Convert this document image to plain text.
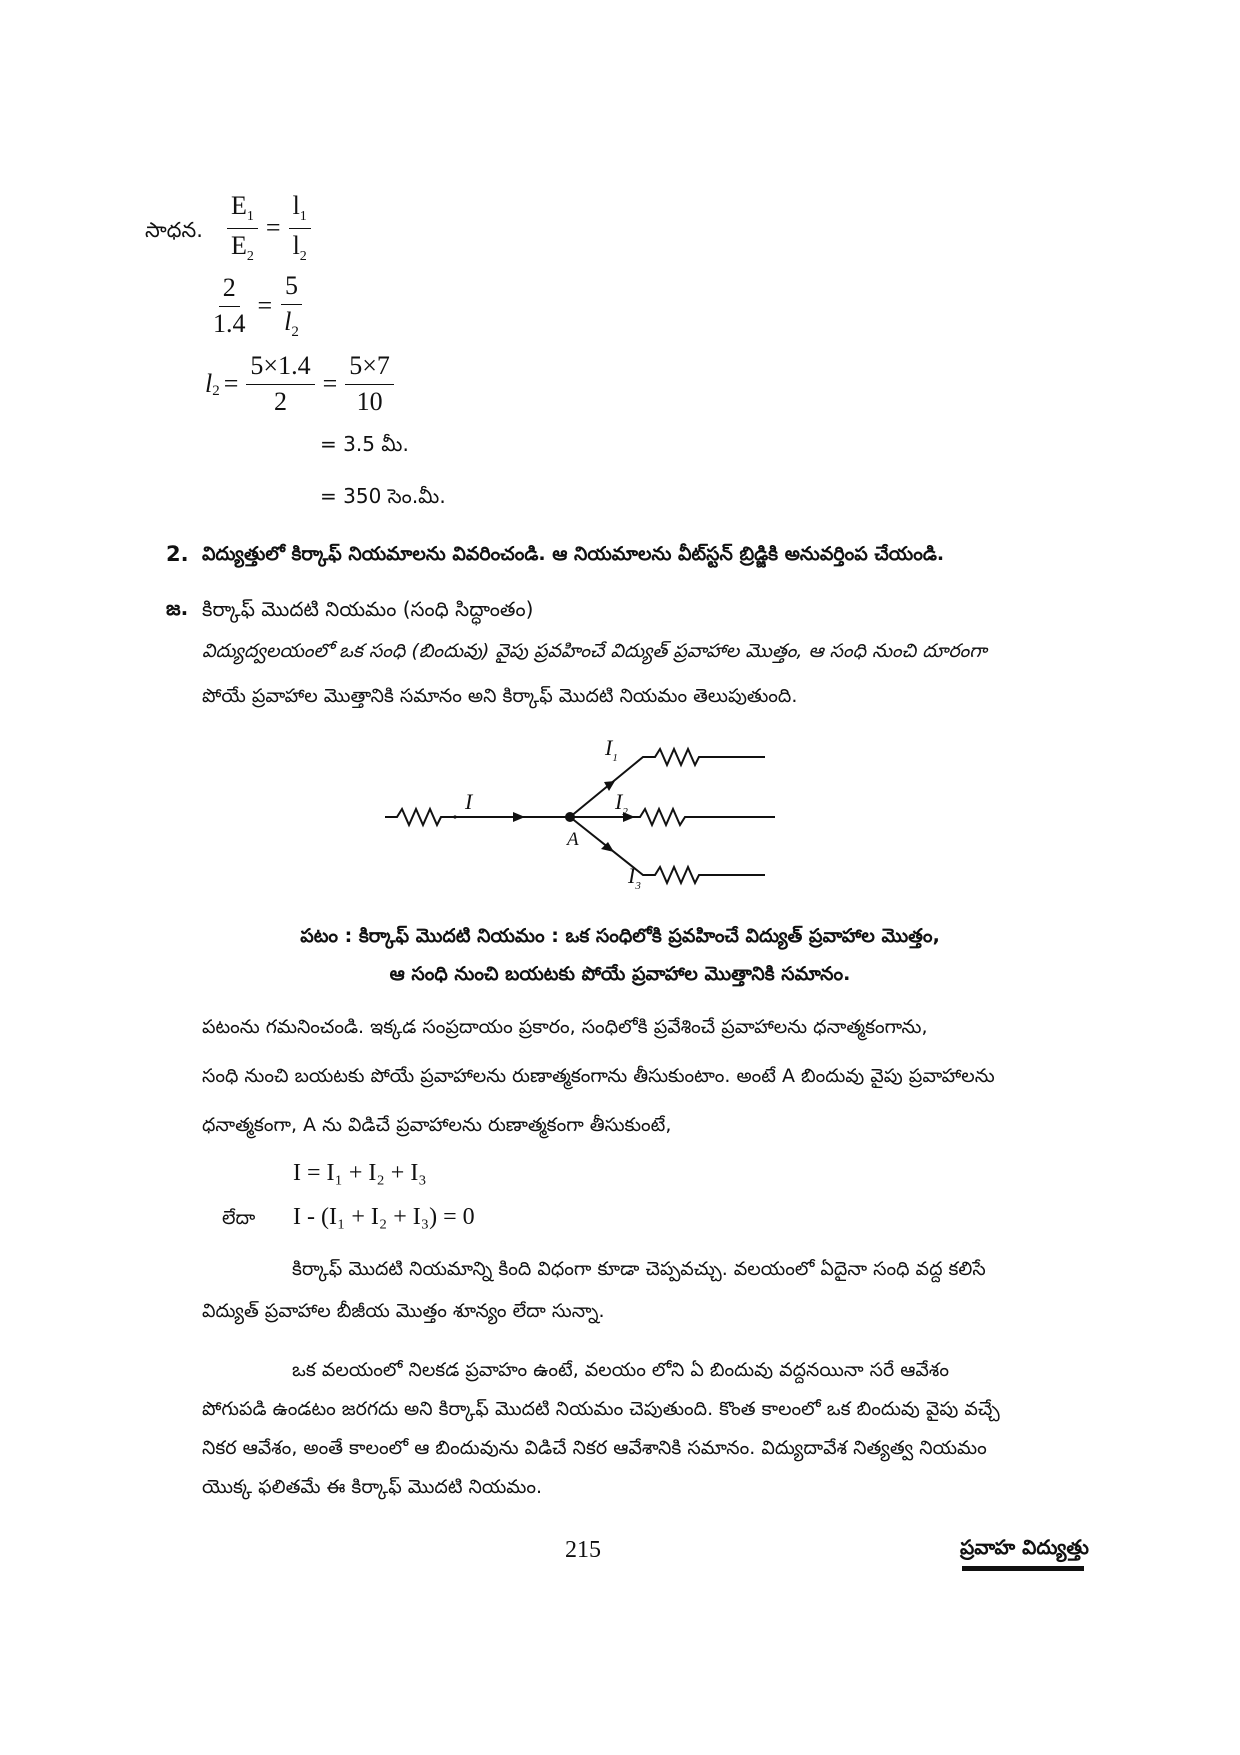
సాధన. $\frac{E_1}{E_2} = \frac{l_1}{l_2}$
$\frac{2}{1.4} = \frac{5}{l_2}$
$l_2 = \frac{5\times 1.4}{2} = \frac{5\times 7}{10}$
= 3.5 మీ.
= 350 సెం.మీ.
2. విద్యుత్తులో కిర్కాఫ్ నియమాలను వివరించండి. ఆ నియమాలను వీట్‌స్టన్ బ్రిడ్జికి అనువర్తింప చేయండి.
జ. కిర్కాఫ్ మొదటి నియమం (సంధి సిద్ధాంతం)
విద్యుద్వలయంలో ఒక సంధి (బిందువు) వైపు ప్రవహించే విద్యుత్ ప్రవాహాల మొత్తం, ఆ సంధి నుంచి దూరంగా
పోయే ప్రవాహాల మొత్తానికి సమానం అని కిర్కాఫ్ మొదటి నియమం తెలుపుతుంది.
I
$I_1$
$I_2$
$I_3$
A
పటం : కిర్కాఫ్ మొదటి నియమం : ఒక సంధిలోకి ప్రవహించే విద్యుత్ ప్రవాహాల మొత్తం,
ఆ సంధి నుంచి బయటకు పోయే ప్రవాహాల మొత్తానికి సమానం.
పటంను గమనించండి. ఇక్కడ సంప్రదాయం ప్రకారం, సంధిలోకి ప్రవేశించే ప్రవాహాలను ధనాత్మకంగాను,
సంధి నుంచి బయటకు పోయే ప్రవాహాలను రుణాత్మకంగాను తీసుకుంటాం. అంటే A బిందువు వైపు ప్రవాహాలను
ధనాత్మకంగా, A ను విడిచే ప్రవాహాలను రుణాత్మకంగా తీసుకుంటే,
I = I₁ + I₂ + I₃
లేదా I - (I₁ + I₂ + I₃) = 0
కిర్కాఫ్ మొదటి నియమాన్ని కింది విధంగా కూడా చెప్పవచ్చు. వలయంలో ఏదైనా సంధి వద్ద కలిసే
విద్యుత్ ప్రవాహాల బీజీయ మొత్తం శూన్యం లేదా సున్నా.
ఒక వలయంలో నిలకడ ప్రవాహం ఉంటే, వలయం లోని ఏ బిందువు వద్దనయినా సరే ఆవేశం
పోగుపడి ఉండటం జరగదు అని కిర్కాఫ్ మొదటి నియమం చెపుతుంది. కొంత కాలంలో ఒక బిందువు వైపు వచ్చే
నికర ఆవేశం, అంతే కాలంలో ఆ బిందువును విడిచే నికర ఆవేశానికి సమానం. విద్యుదావేశ నిత్యత్వ నియమం
యొక్క ఫలితమే ఈ కిర్కాఫ్ మొదటి నియమం.
215	ప్రవాహ విద్యుత్తు
